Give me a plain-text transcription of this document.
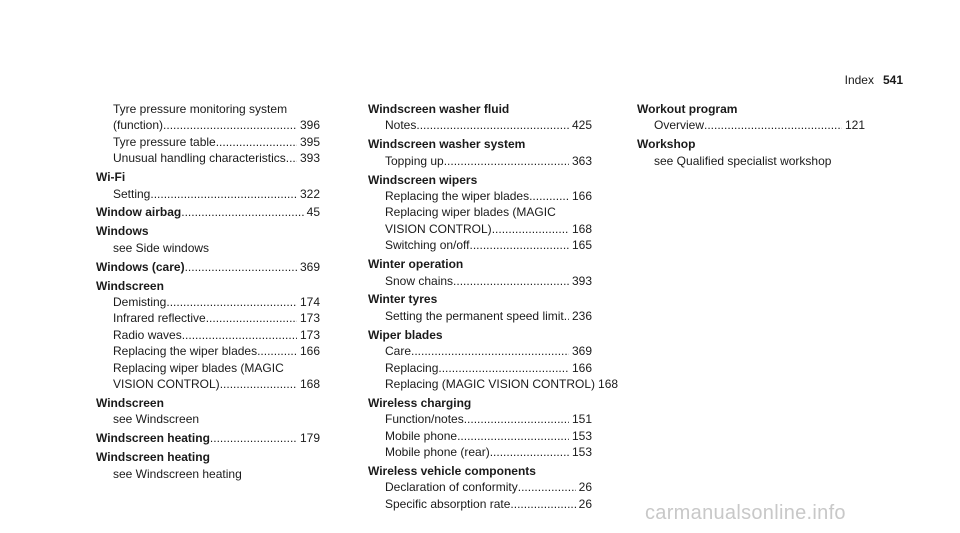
Index 541
Tyre pressure monitoring system
(function) .....	396
Tyre pressure table .....	395
Unusual handling characteristics ..... 393
Wi-Fi
Setting .....	322
Window airbag .....	45
Windows
see Side windows
Windows (care) .....	369
Windscreen
Demisting .....	174
Infrared reflective .....	173
Radio waves .....	173
Replacing the wiper blades .....	166
Replacing wiper blades (MAGIC
VISION CONTROL) .....	168
Windscreen
see Windscreen
Windscreen heating .....	179
Windscreen heating
see Windscreen heating
Windscreen washer fluid
Notes .....	425
Windscreen washer system
Topping up .....	363
Windscreen wipers
Replacing the wiper blades .....	166
Replacing wiper blades (MAGIC
VISION CONTROL) .....	168
Switching on/off .....	165
Winter operation
Snow chains .....	393
Winter tyres
Setting the permanent speed limit ..... 236
Wiper blades
Care .....	369
Replacing .....	166
Replacing (MAGIC VISION CONTROL) 168
Wireless charging
Function/notes .....	151
Mobile phone .....	153
Mobile phone (rear) .....	153
Wireless vehicle components
Declaration of conformity .....	26
Specific absorption rate .....	26
Workout program
Overview .....	121
Workshop
see Qualified specialist workshop
carmanualsonline.info
